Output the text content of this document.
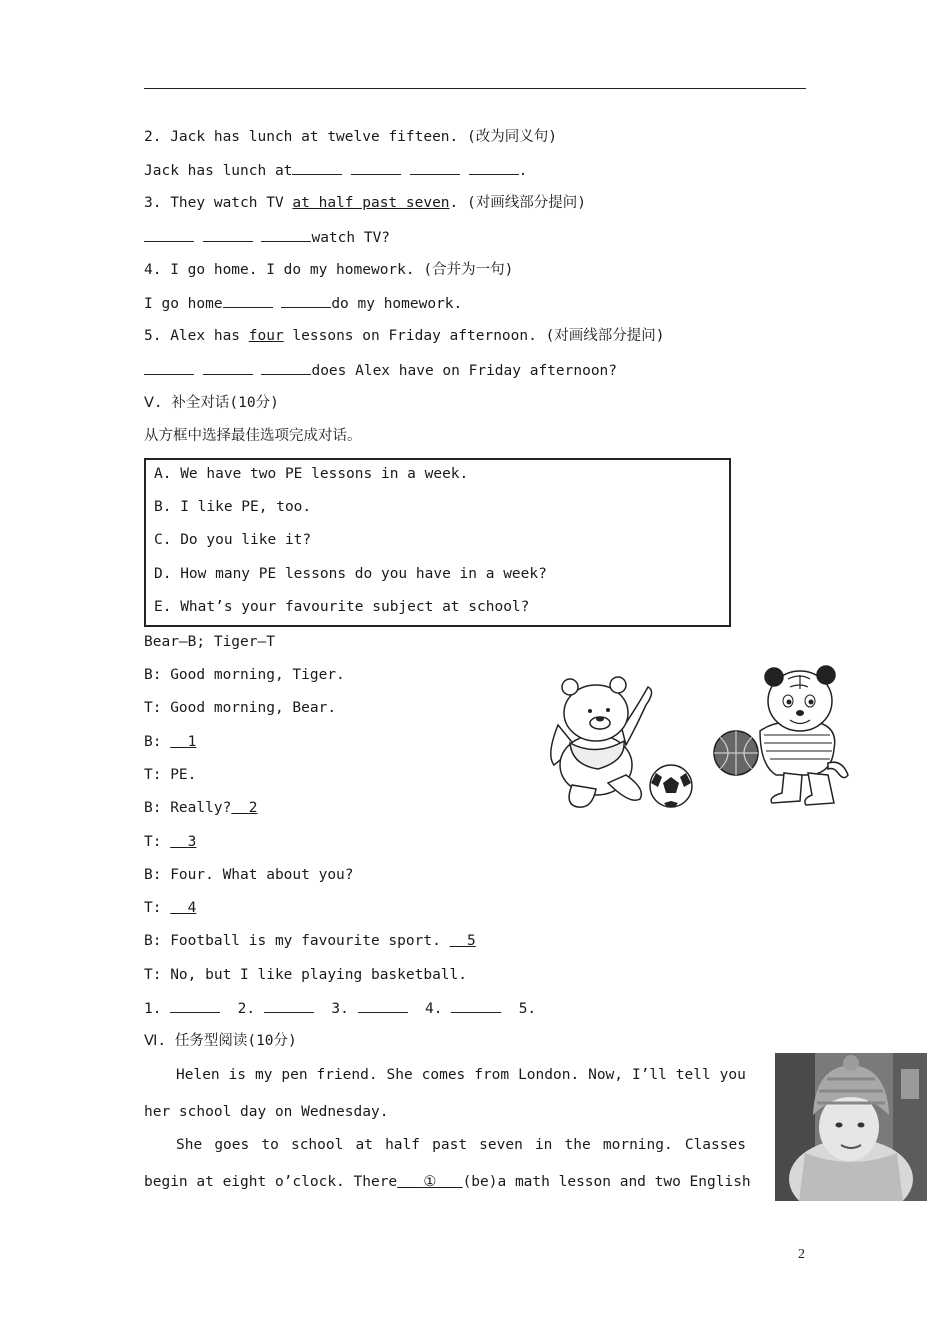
2. Jack has lunch at twelve fifteen. (改为同义句)
Jack has lunch at	.
3. They watch TV at half past seven. (对画线部分提问)
watch TV?
4. I go home. I do my homework. (合并为一句)
I go home	do my homework.
5. Alex has four lessons on Friday afternoon. (对画线部分提问)
does Alex have on Friday afternoon?
Ⅴ. 补全对话(10分)
从方框中选择最佳选项完成对话。
A. We have two PE lessons in a week.
B. I like PE, too.
C. Do you like it?
D. How many PE lessons do you have in a week?
E. What’s your favourite subject at school?
Bear—B; Tiger—T
B: Good morning, Tiger.
T: Good morning, Bear.
B:   1
T: PE.
B: Really? 2
T:   3
B: Four. What about you?
T:   4
B: Football is my favourite sport.   5
T: No, but I like playing basketball.
1.	2.	3.	4.	5.
Ⅵ. 任务型阅读(10分)
Helen is my pen friend. She comes from London. Now, I’ll tell you
her school day on Wednesday.
She goes to school at half past seven in the morning. Classes
begin at eight o’clock. There ① (be)a math lesson and two English
2
